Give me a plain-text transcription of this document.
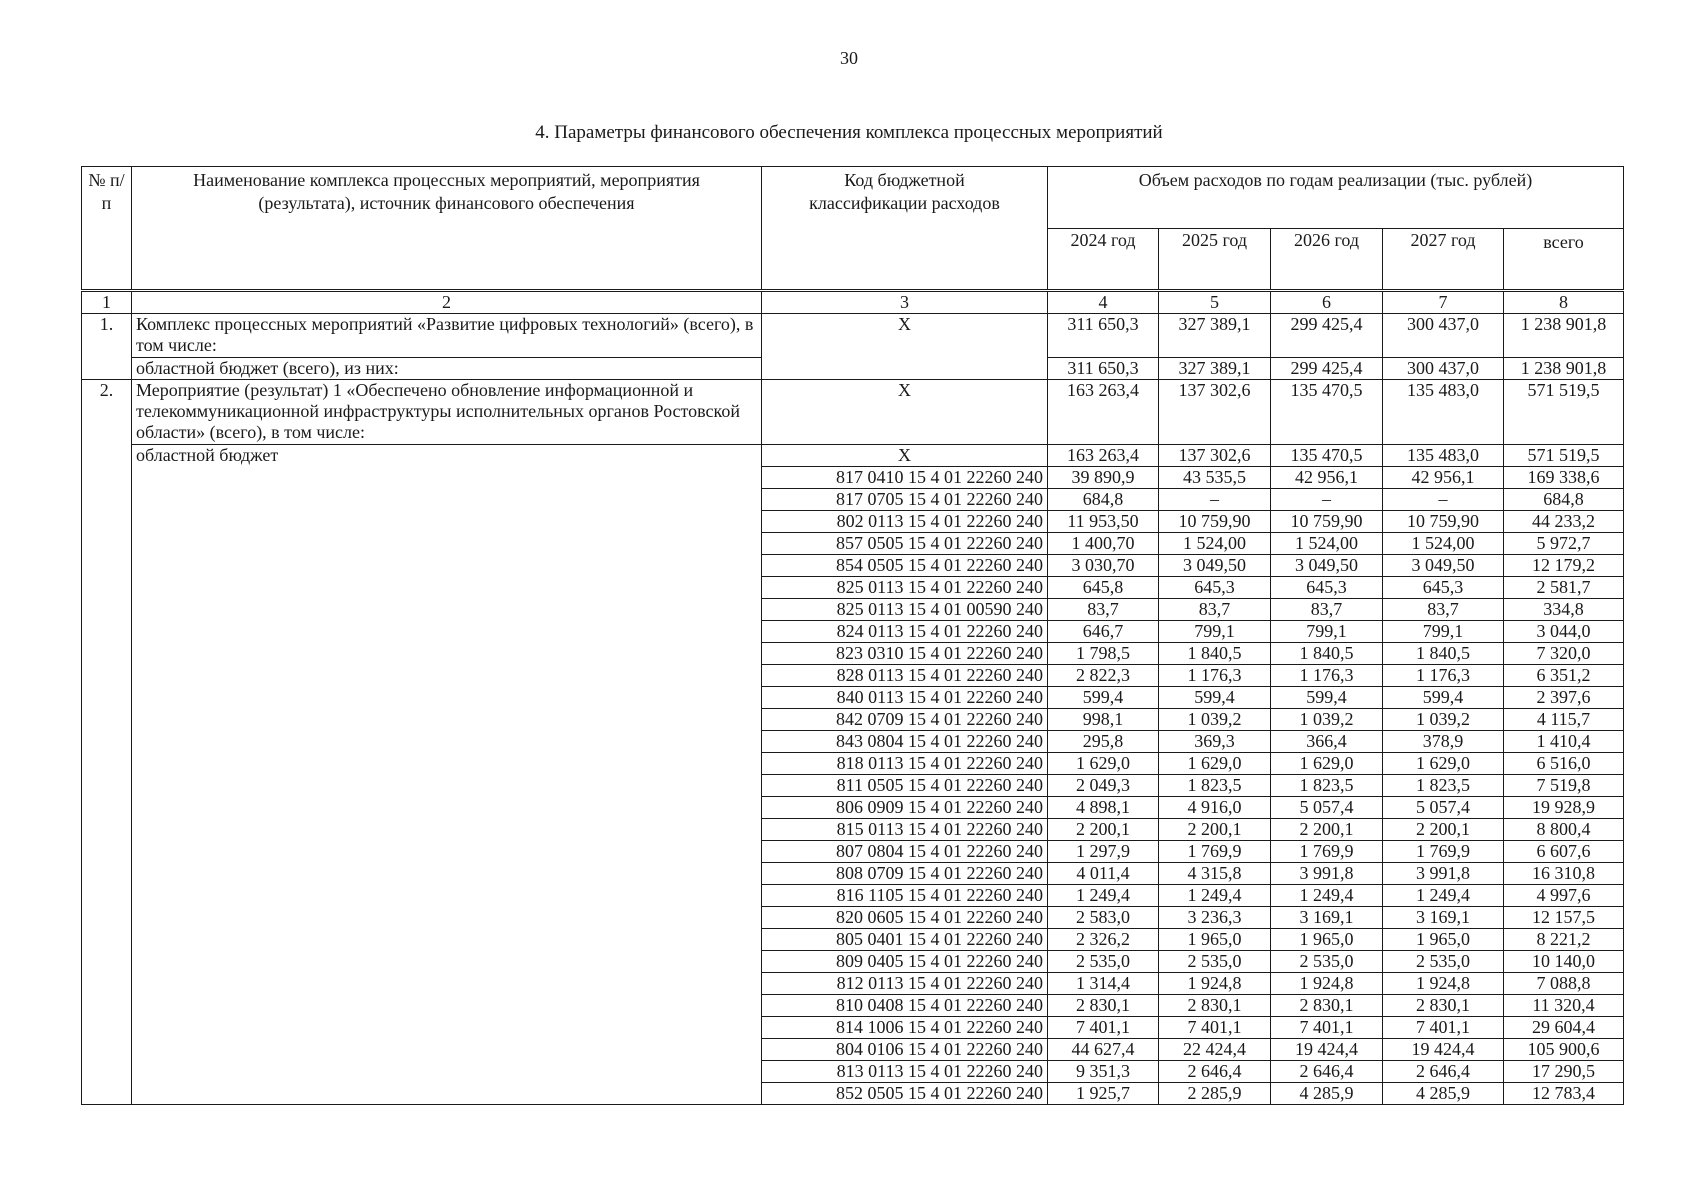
30
4. Параметры финансового обеспечения комплекса процессных мероприятий
№ п/п	Наименование комплекса процессных мероприятий, мероприятия (результата), источник финансового обеспечения	Код бюджетной классификации расходов	Объем расходов по годам реализации (тыс. рублей)				
			2024 год	2025 год	2026 год	2027 год	всего
1	2	3	4	5	6	7	8
1.	Комплекс процессных мероприятий «Развитие цифровых технологий» (всего), в том числе:	X	311 650,3	327 389,1	299 425,4	300 437,0	1 238 901,8
	областной бюджет (всего), из них:		311 650,3	327 389,1	299 425,4	300 437,0	1 238 901,8
2.	Мероприятие (результат) 1 «Обеспечено обновление информационной и телекоммуникационной инфраструктуры исполнительных органов Ростовской области» (всего), в том числе:	X	163 263,4	137 302,6	135 470,5	135 483,0	571 519,5
	областной бюджет	X	163 263,4	137 302,6	135 470,5	135 483,0	571 519,5
		817 0410 15 4 01 22260 240	39 890,9	43 535,5	42 956,1	42 956,1	169 338,6
		817 0705 15 4 01 22260 240	684,8	–	–	–	684,8
		802 0113 15 4 01 22260 240	11 953,50	10 759,90	10 759,90	10 759,90	44 233,2
		857 0505 15 4 01 22260 240	1 400,70	1 524,00	1 524,00	1 524,00	5 972,7
		854 0505 15 4 01 22260 240	3 030,70	3 049,50	3 049,50	3 049,50	12 179,2
		825 0113 15 4 01 22260 240	645,8	645,3	645,3	645,3	2 581,7
		825 0113 15 4 01 00590 240	83,7	83,7	83,7	83,7	334,8
		824 0113 15 4 01 22260 240	646,7	799,1	799,1	799,1	3 044,0
		823 0310 15 4 01 22260 240	1 798,5	1 840,5	1 840,5	1 840,5	7 320,0
		828 0113 15 4 01 22260 240	2 822,3	1 176,3	1 176,3	1 176,3	6 351,2
		840 0113 15 4 01 22260 240	599,4	599,4	599,4	599,4	2 397,6
		842 0709 15 4 01 22260 240	998,1	1 039,2	1 039,2	1 039,2	4 115,7
		843 0804 15 4 01 22260 240	295,8	369,3	366,4	378,9	1 410,4
		818 0113 15 4 01 22260 240	1 629,0	1 629,0	1 629,0	1 629,0	6 516,0
		811 0505 15 4 01 22260 240	2 049,3	1 823,5	1 823,5	1 823,5	7 519,8
		806 0909 15 4 01 22260 240	4 898,1	4 916,0	5 057,4	5 057,4	19 928,9
		815 0113 15 4 01 22260 240	2 200,1	2 200,1	2 200,1	2 200,1	8 800,4
		807 0804 15 4 01 22260 240	1 297,9	1 769,9	1 769,9	1 769,9	6 607,6
		808 0709 15 4 01 22260 240	4 011,4	4 315,8	3 991,8	3 991,8	16 310,8
		816 1105 15 4 01 22260 240	1 249,4	1 249,4	1 249,4	1 249,4	4 997,6
		820 0605 15 4 01 22260 240	2 583,0	3 236,3	3 169,1	3 169,1	12 157,5
		805 0401 15 4 01 22260 240	2 326,2	1 965,0	1 965,0	1 965,0	8 221,2
		809 0405 15 4 01 22260 240	2 535,0	2 535,0	2 535,0	2 535,0	10 140,0
		812 0113 15 4 01 22260 240	1 314,4	1 924,8	1 924,8	1 924,8	7 088,8
		810 0408 15 4 01 22260 240	2 830,1	2 830,1	2 830,1	2 830,1	11 320,4
		814 1006 15 4 01 22260 240	7 401,1	7 401,1	7 401,1	7 401,1	29 604,4
		804 0106 15 4 01 22260 240	44 627,4	22 424,4	19 424,4	19 424,4	105 900,6
		813 0113 15 4 01 22260 240	9 351,3	2 646,4	2 646,4	2 646,4	17 290,5
		852 0505 15 4 01 22260 240	1 925,7	2 285,9	4 285,9	4 285,9	12 783,4
